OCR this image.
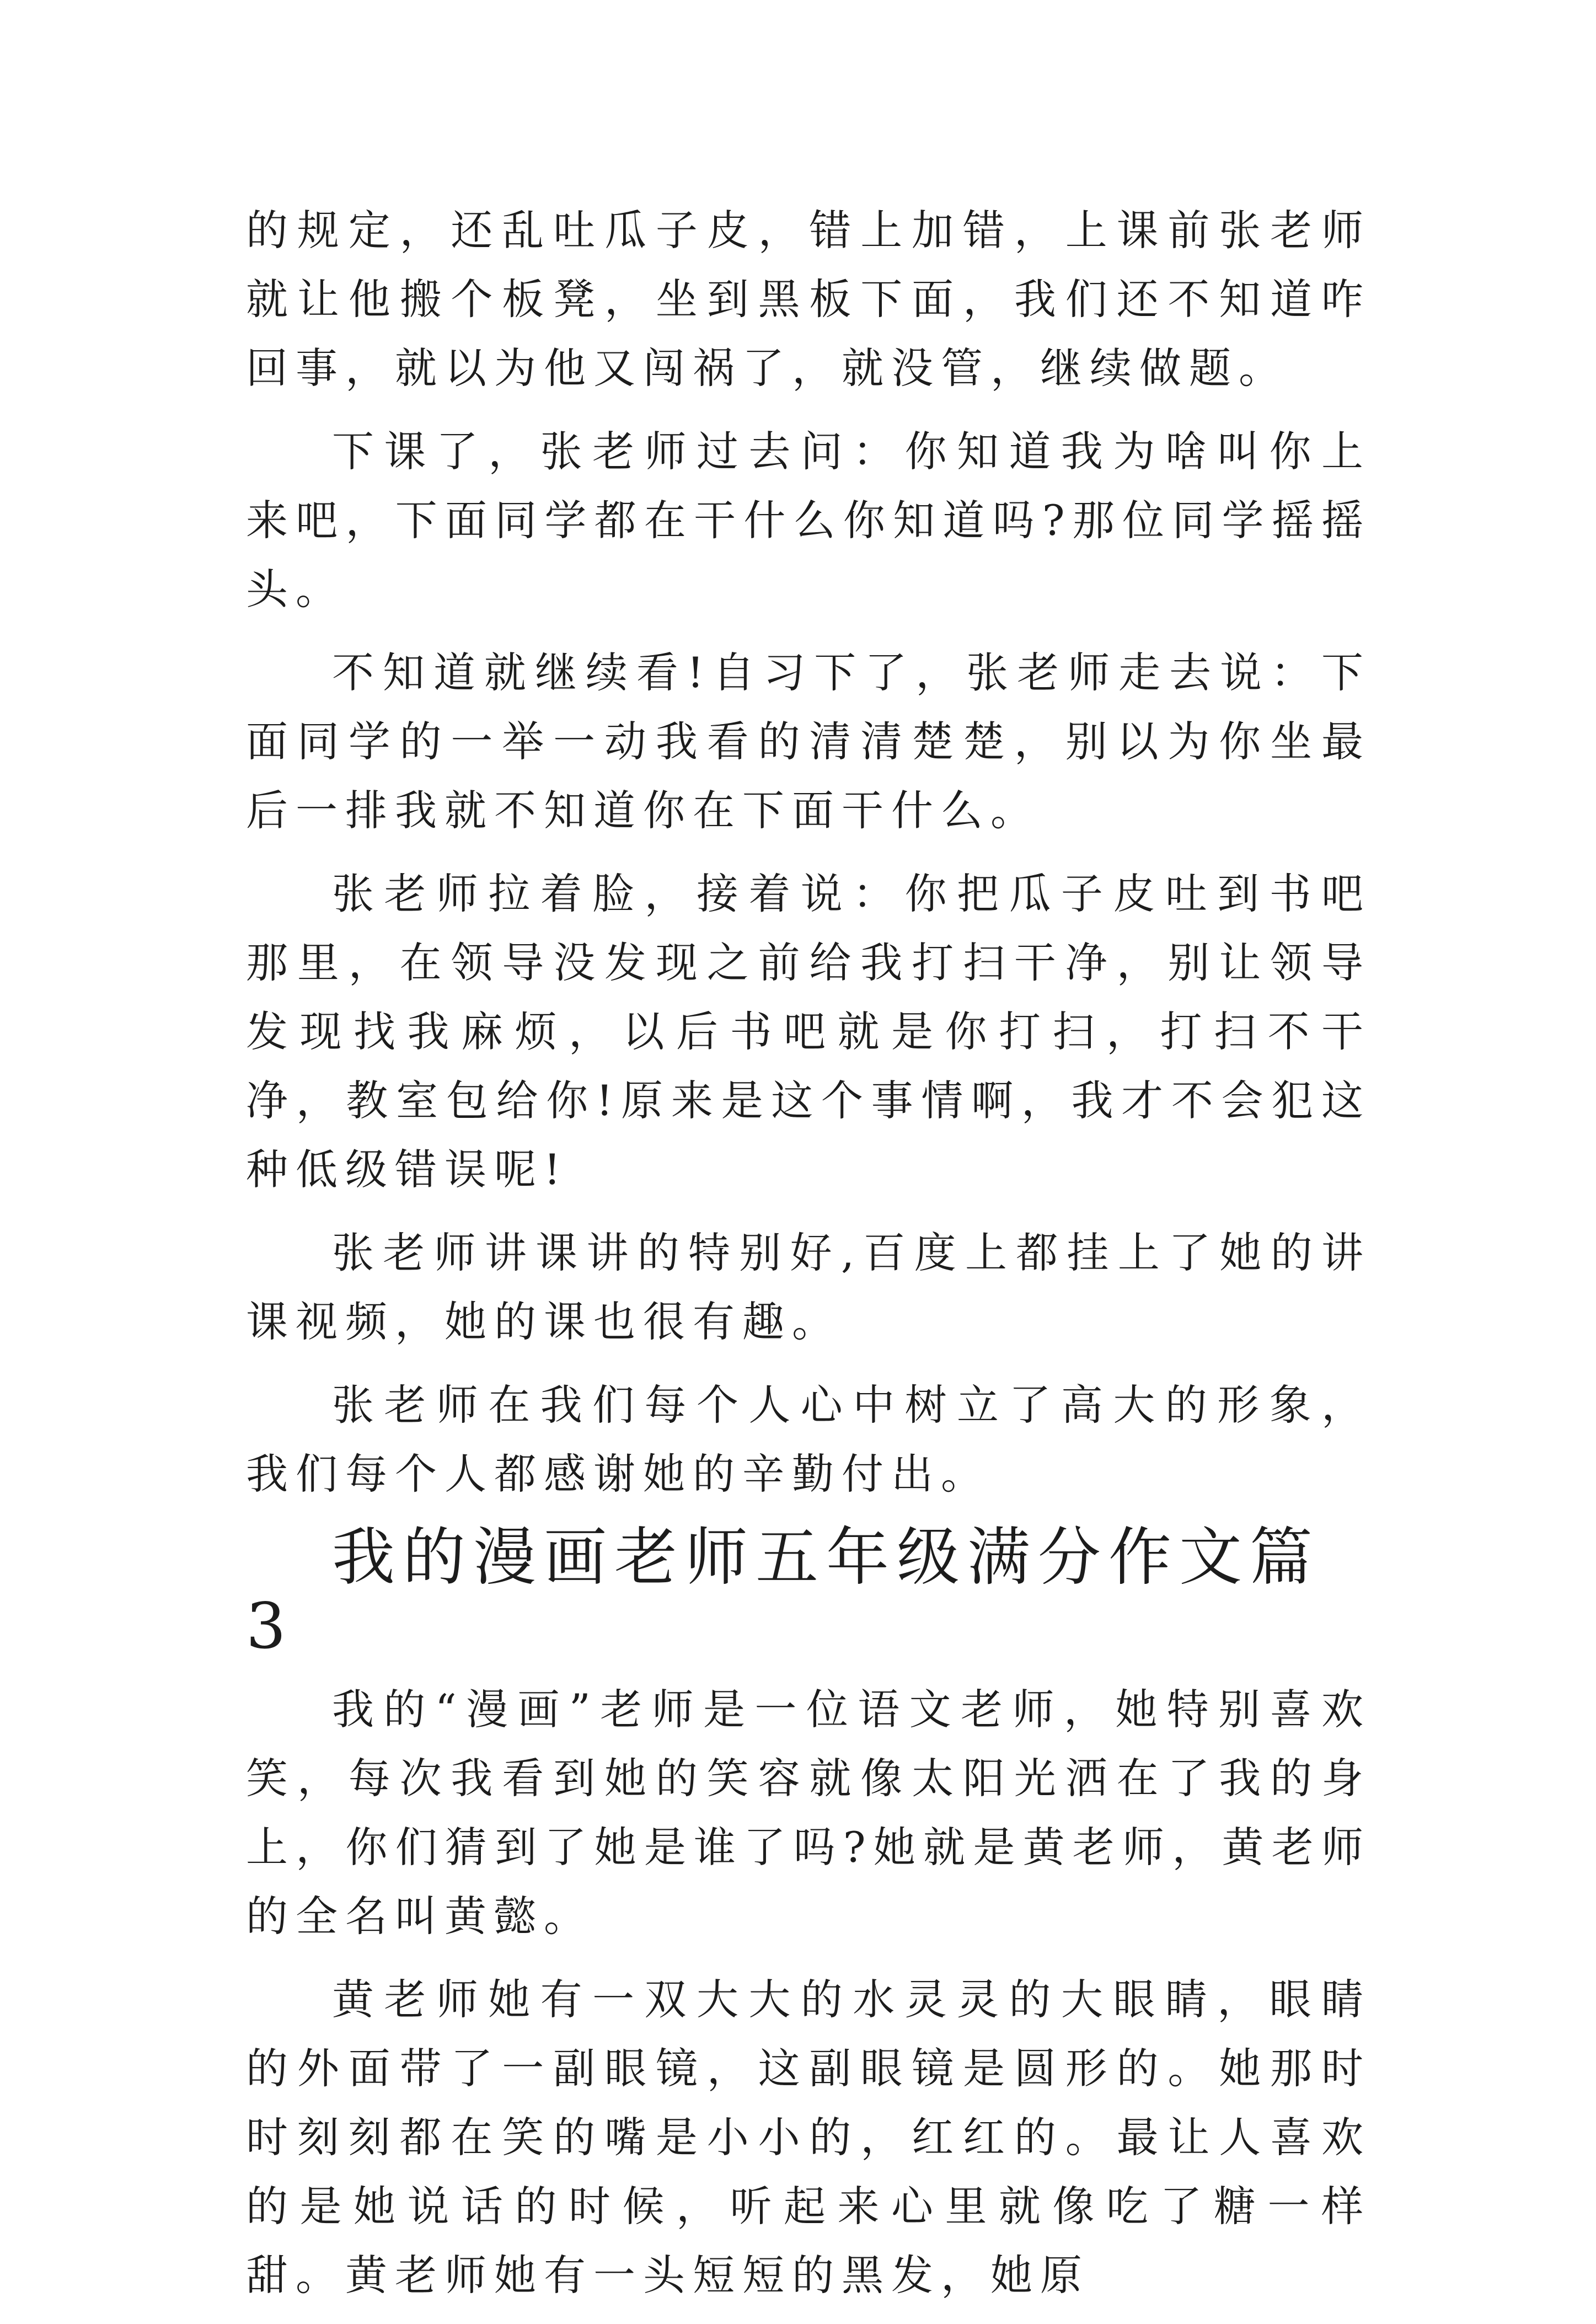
的规定，还乱吐瓜子皮，错上加错，上课前张老师就让他搬个板凳，坐到黑板下面，我们还不知道咋回事，就以为他又闯祸了，就没管，继续做题。

下课了，张老师过去问：你知道我为啥叫你上来吧，下面同学都在干什么你知道吗?那位同学摇摇头。

不知道就继续看!自习下了，张老师走去说：下面同学的一举一动我看的清清楚楚，别以为你坐最后一排我就不知道你在下面干什么。

张老师拉着脸，接着说：你把瓜子皮吐到书吧那里，在领导没发现之前给我打扫干净，别让领导发现找我麻烦，以后书吧就是你打扫，打扫不干净，教室包给你!原来是这个事情啊，我才不会犯这种低级错误呢!

张老师讲课讲的特别好,百度上都挂上了她的讲课视频，她的课也很有趣。

张老师在我们每个人心中树立了高大的形象，我们每个人都感谢她的辛勤付出。

我的漫画老师五年级满分作文篇 3

我的“漫画”老师是一位语文老师，她特别喜欢笑，每次我看到她的笑容就像太阳光洒在了我的身上，你们猜到了她是谁了吗?她就是黄老师，黄老师的全名叫黄懿。

黄老师她有一双大大的水灵灵的大眼睛，眼睛的外面带了一副眼镜，这副眼镜是圆形的。她那时时刻刻都在笑的嘴是小小的，红红的。最让人喜欢的是她说话的时候，听起来心里就像吃了糖一样甜。黄老师她有一头短短的黑发，她原
